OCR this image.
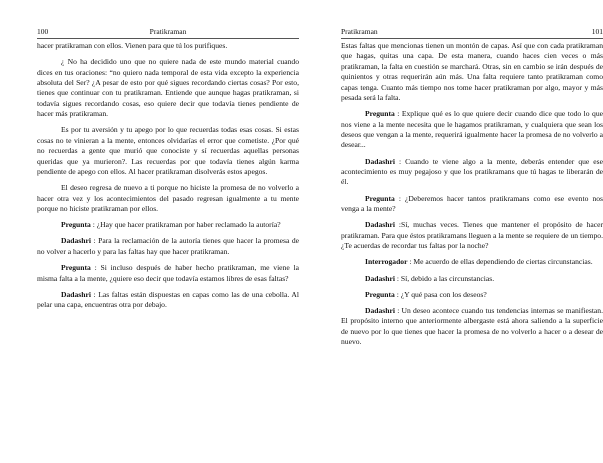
100	Pratikraman

hacer pratikraman con ellos. Vienen para que tú los purifiques.

¿ No ha decidido uno que no quiere nada de este mundo material cuando dices en tus oraciones: “no quiero nada temporal de esta vida excepto la experiencia absoluta del Ser? ¿A pesar de esto por qué sigues recordando ciertas cosas? Por esto, tienes que continuar con tu pratikraman. Entiende que aunque hagas pratikraman, si todavía sigues recordando cosas, eso quiere decir que todavía tienes pendiente de hacer más pratikraman.

Es por tu aversión y tu apego por lo que recuerdas todas esas cosas. Si estas cosas no te vinieran a la mente, entonces olvidarías el error que cometiste. ¿Por qué no recuerdas a gente que murió que conociste y sí recuerdas aquellas personas queridas que ya murieron?. Las recuerdas por que todavía tienes algún karma pendiente de apego con ellos. Al hacer pratikraman disolverás estos apegos.

El deseo regresa de nuevo a ti porque no hiciste la promesa de no volverlo a hacer otra vez y los acontecimientos del pasado regresan igualmente a tu mente porque no hiciste pratikraman por ellos.

Pregunta : ¿Hay que hacer pratikraman por haber reclamado la autoría?

Dadashri : Para la reclamación de la autoría tienes que hacer la promesa de no volver a hacerlo y para las faltas hay que hacer pratikraman.

Pregunta : Si incluso después de haber hecho pratikraman, me viene la misma falta a la mente, ¿quiere eso decir que todavía estamos libres de esas faltas?

Dadashri : Las faltas están dispuestas en capas como las de una cebolla. Al pelar una capa, encuentras otra por debajo.

Pratikraman	101

Estas faltas que mencionas tienen un montón de capas. Así que con cada pratikraman que hagas, quitas una capa. De esta manera, cuando haces cien veces o más pratikraman, la falta en cuestión se marchará. Otras, sin en cambio se irán después de quinientos y otras requerirán aún más. Una falta requiere tanto pratikraman como capas tenga. Cuanto más tiempo nos tome hacer pratikraman por algo, mayor y más pesada será la falta.

Pregunta : Explique qué es lo que quiere decir cuando dice que todo lo que nos viene a la mente necesita que le hagamos pratikraman, y cualquiera que sean los deseos que vengan a la mente, requerirá igualmente hacer la promesa de no volverlo a desear...

Dadashri : Cuando te viene algo a la mente, deberás entender que ese acontecimiento es muy pegajoso y que los pratikramans que tú hagas te liberarán de él.

Pregunta : ¿Deberemos hacer tantos pratikramans como ese evento nos venga a la mente?

Dadashri :Sí, muchas veces. Tienes que mantener el propósito de hacer pratikraman. Para que éstos pratikramans lleguen a la mente se requiere de un tiempo. ¿Te acuerdas de recordar tus faltas por la noche?

Interrogador : Me acuerdo de ellas dependiendo de ciertas circunstancias.

Dadashri : Sí, debido a las circunstancias.

Pregunta : ¿Y qué pasa con los deseos?

Dadashri : Un deseo acontece cuando tus tendencias internas se manifiestan. El propósito interno que anteriormente albergaste está ahora saliendo a la superficie de nuevo por lo que tienes que hacer la promesa de no volverlo a hacer o a desear de nuevo.
